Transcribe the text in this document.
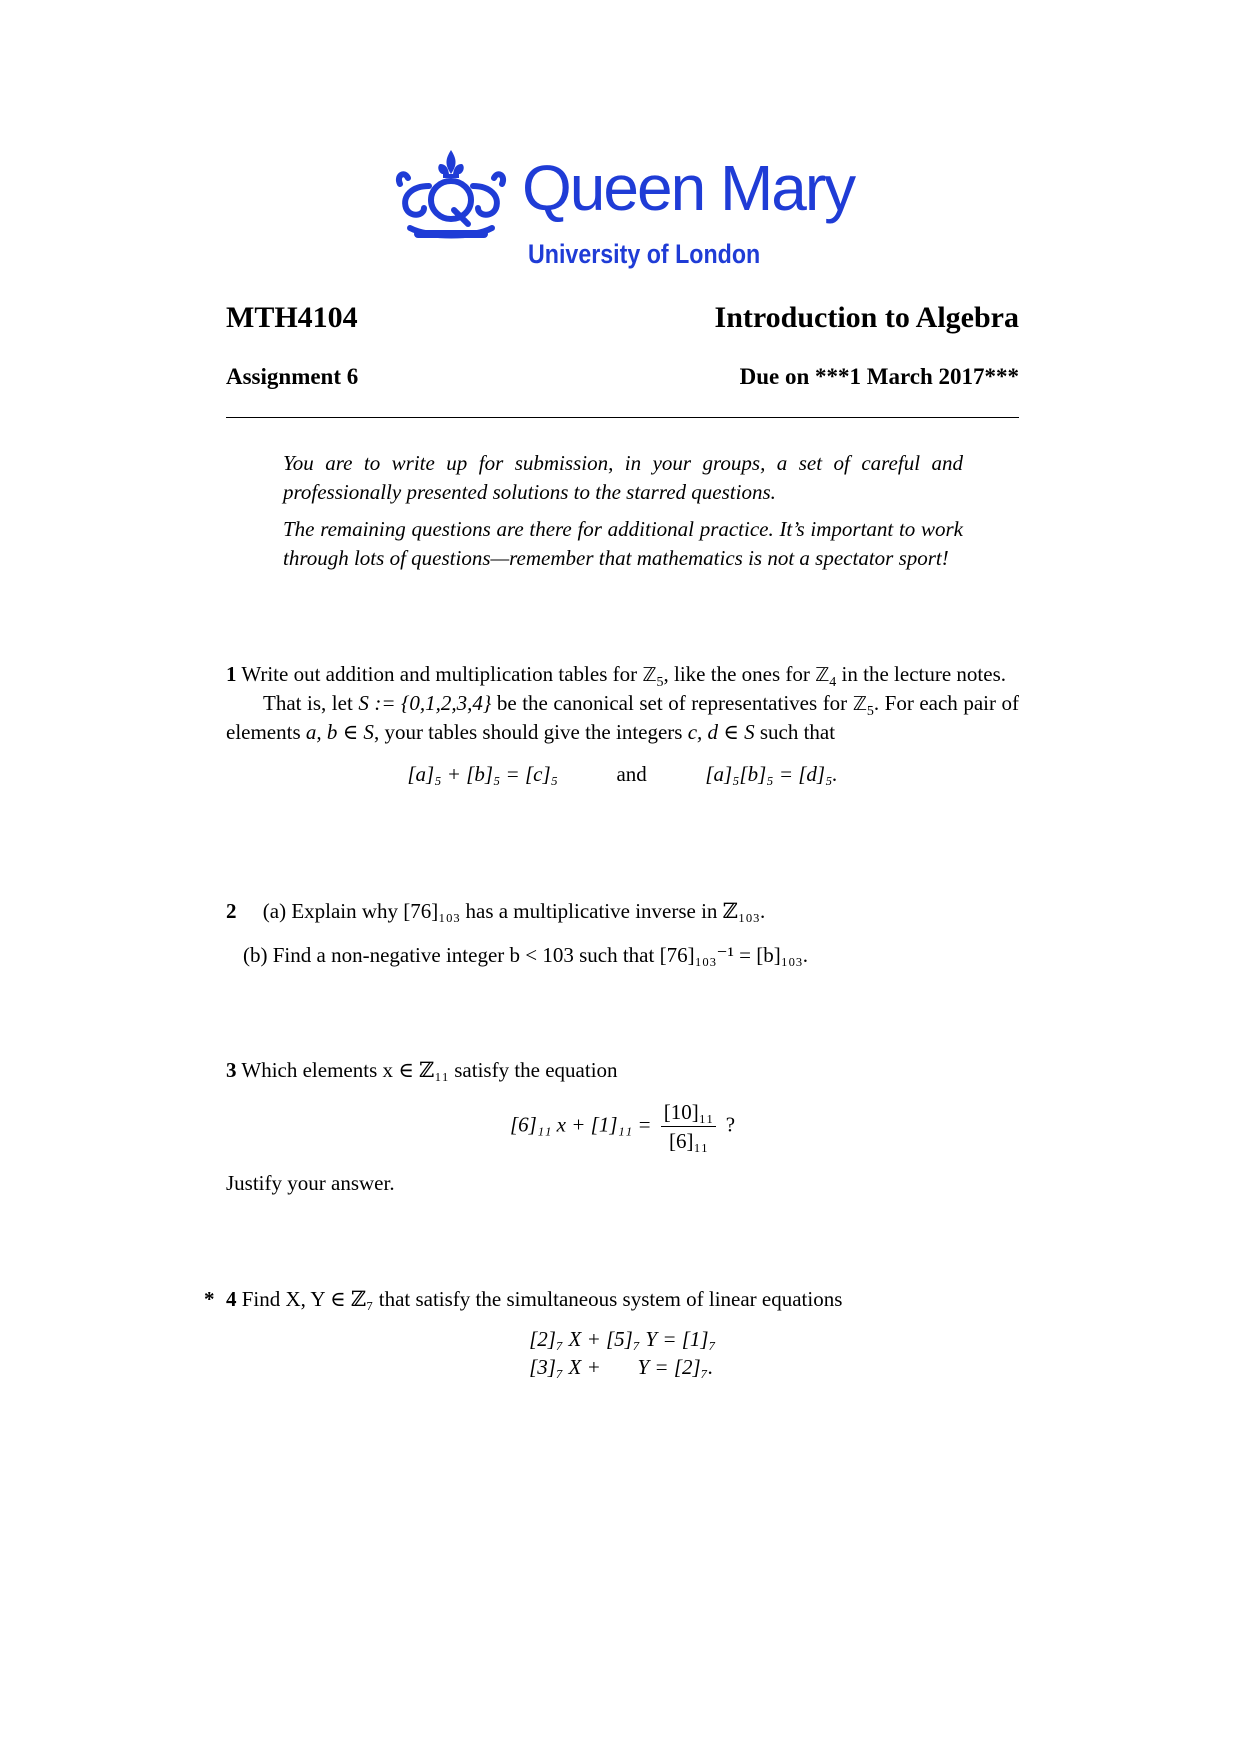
Queen Mary
University of London
MTH4104	Introduction to Algebra
Assignment 6	Due on ***1 March 2017***

You are to write up for submission, in your groups, a set of careful and professionally presented solutions to the starred questions.

The remaining questions are there for additional practice. It’s important to work through lots of questions—remember that mathematics is not a spectator sport!

1 Write out addition and multiplication tables for ℤ$_5$, like the ones for ℤ$_4$ in the lecture notes.

That is, let S := {0,1,2,3,4} be the canonical set of representatives for ℤ$_5$. For each pair of elements a, b ∈ S, your tables should give the integers c, d ∈ S such that

[a]₅ + [b]₅ = [c]₅	and	[a]₅[b]₅ = [d]₅.

2 (a) Explain why [76]₁₀₃ has a multiplicative inverse in ℤ₁₀₃.

(b) Find a non-negative integer b < 103 such that [76]₁₀₃⁻¹ = [b]₁₀₃.

3 Which elements x ∈ ℤ₁₁ satisfy the equation

[6]₁₁ $x + [1]_{11} = \frac{\text{[10]₁₁}}{\text{[6]₁₁}}$ ?

Justify your answer.

* 4 Find X, Y ∈ ℤ₇ that satisfy the simultaneous system of linear equations

[2]₇ X + [5]₇ Y = [1]₇
[3]₇ X +       Y = [2]₇.
